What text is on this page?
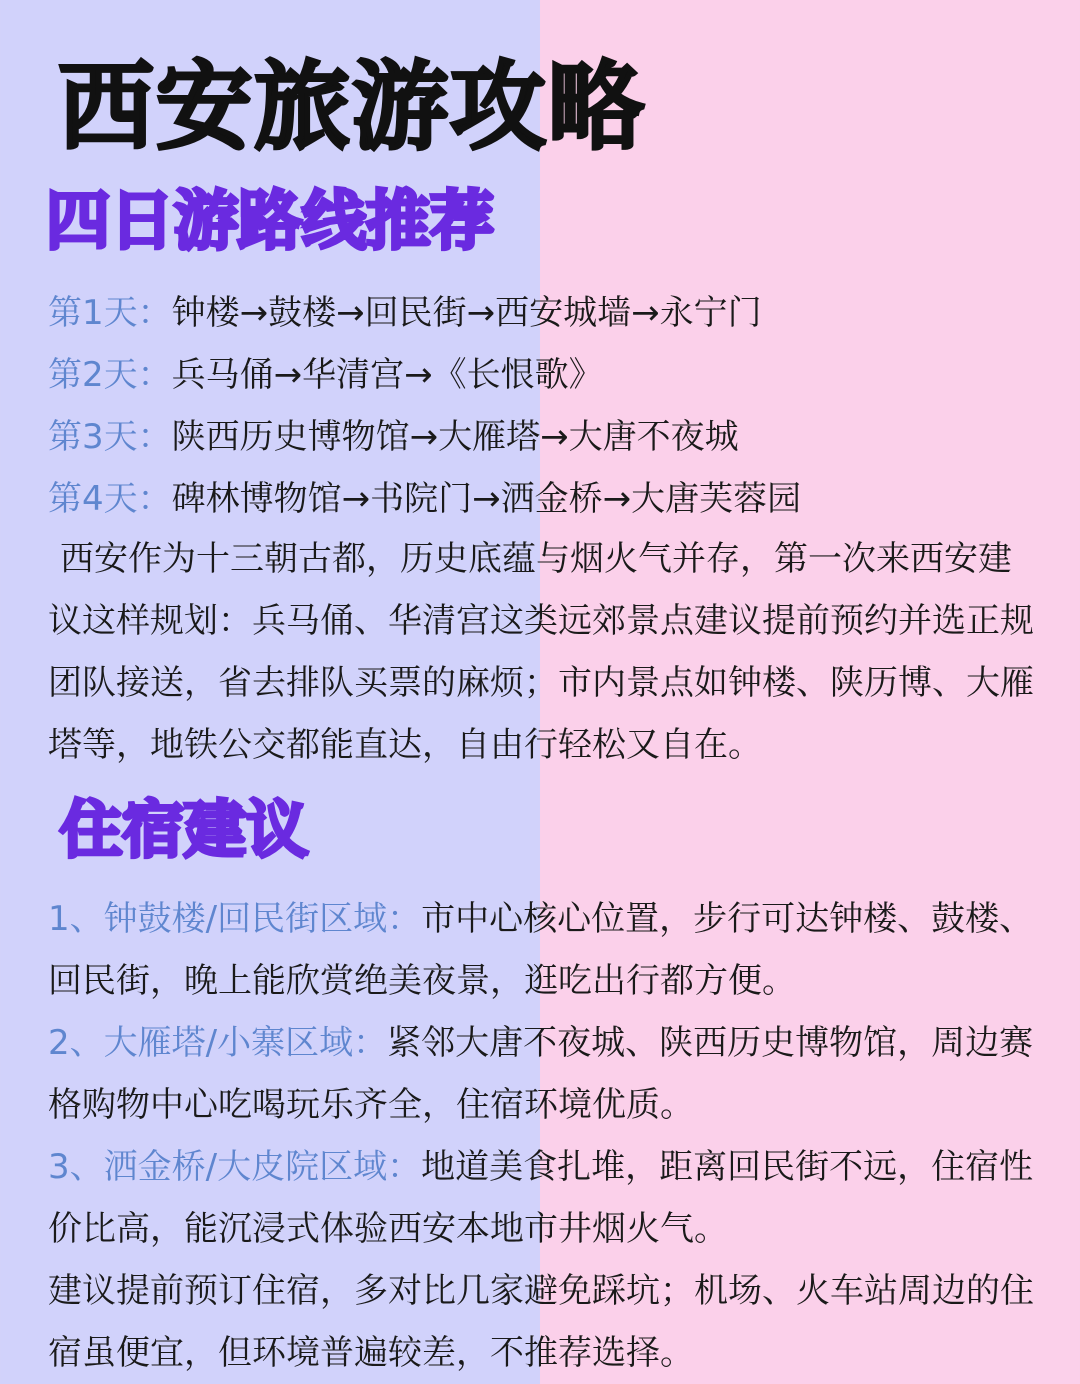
西安旅游攻略
四日游路线推荐
第1天：钟楼→鼓楼→回民街→西安城墙→永宁门
第2天：兵马俑→华清宫→《长恨歌》
第3天：陕西历史博物馆→大雁塔→大唐不夜城
第4天：碑林博物馆→书院门→洒金桥→大唐芙蓉园
西安作为十三朝古都，历史底蕴与烟火气并存，第一次来西安建议这样规划：兵马俑、华清宫这类远郊景点建议提前预约并选正规团队接送，省去排队买票的麻烦；市内景点如钟楼、陕历博、大雁塔等，地铁公交都能直达，自由行轻松又自在。
住宿建议
1、钟鼓楼/回民街区域：市中心核心位置，步行可达钟楼、鼓楼、回民街，晚上能欣赏绝美夜景，逛吃出行都方便。
2、大雁塔/小寨区域：紧邻大唐不夜城、陕西历史博物馆，周边赛格购物中心吃喝玩乐齐全，住宿环境优质。
3、洒金桥/大皮院区域：地道美食扎堆，距离回民街不远，住宿性价比高，能沉浸式体验西安本地市井烟火气。
建议提前预订住宿，多对比几家避免踩坑；机场、火车站周边的住宿虽便宜，但环境普遍较差，不推荐选择。
